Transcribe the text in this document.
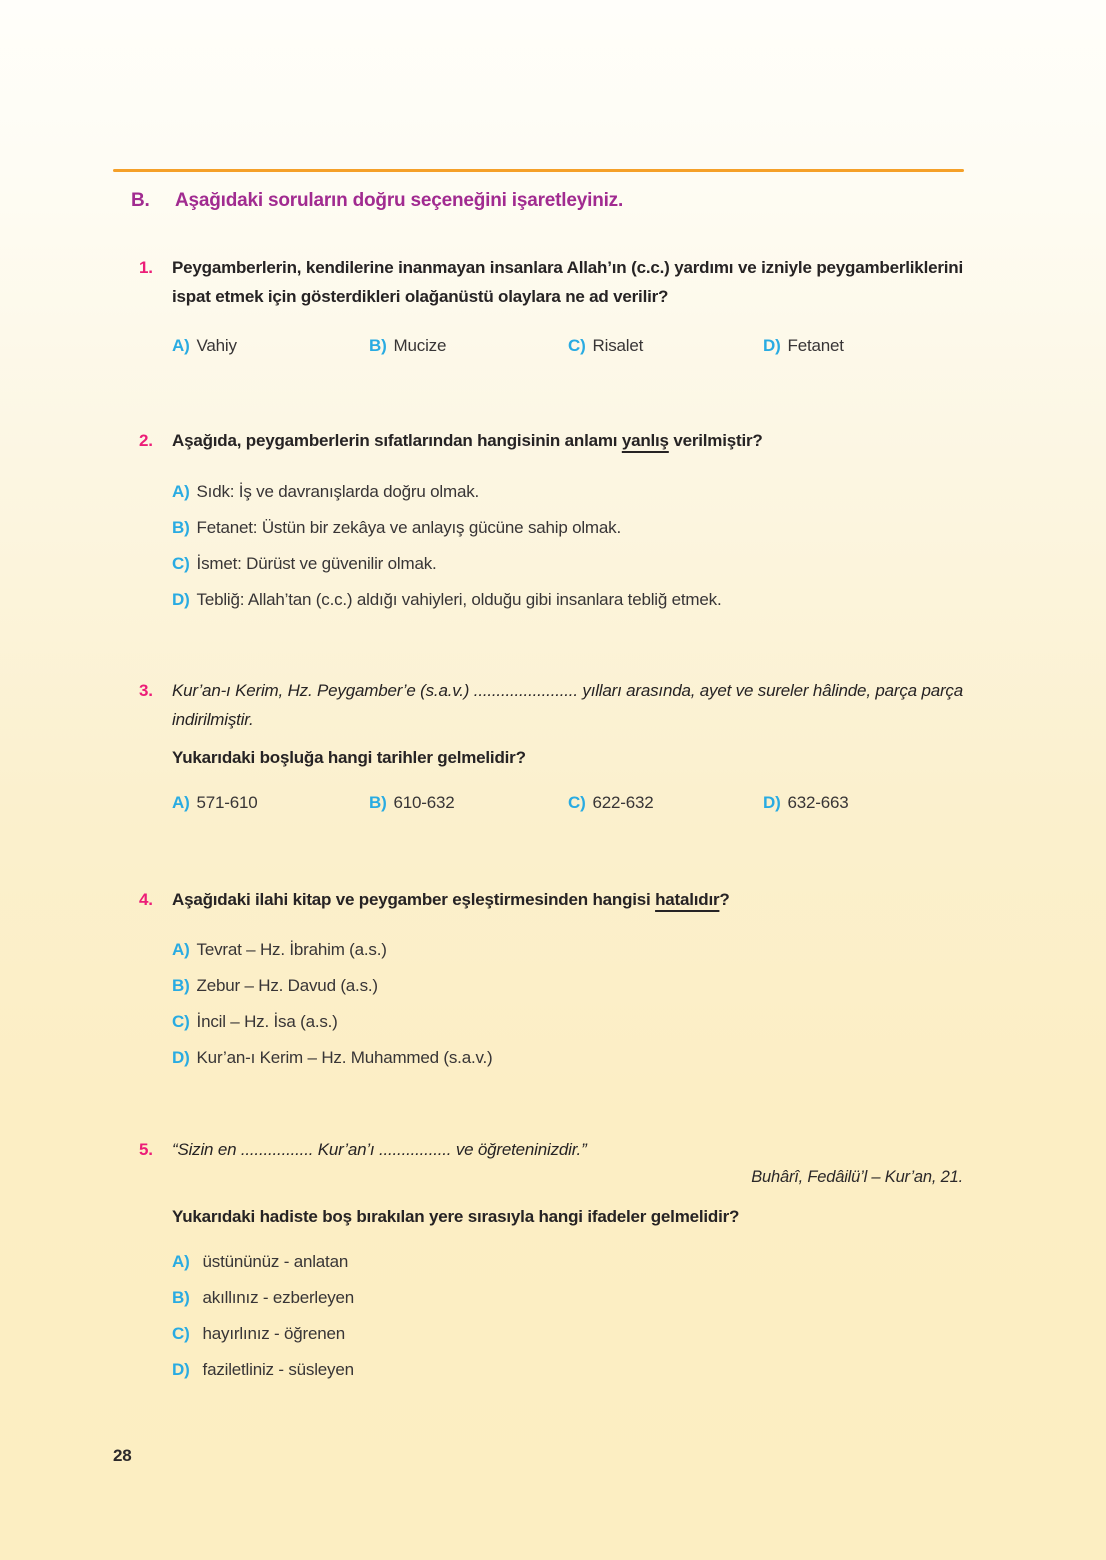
B.	Aşağıdaki soruların doğru seçeneğini işaretleyiniz.
1.	Peygamberlerin, kendilerine inanmayan insanlara Allah’ın (c.c.) yardımı ve izniyle peygamberliklerini ispat etmek için gösterdikleri olağanüstü olaylara ne ad verilir?
A) Vahiy	B) Mucize	C) Risalet	D) Fetanet
2.	Aşağıda, peygamberlerin sıfatlarından hangisinin anlamı yanlış verilmiştir?
A) Sıdk: İş ve davranışlarda doğru olmak.
B) Fetanet: Üstün bir zekâya ve anlayış gücüne sahip olmak.
C) İsmet: Dürüst ve güvenilir olmak.
D) Tebliğ: Allah’tan (c.c.) aldığı vahiyleri, olduğu gibi insanlara tebliğ etmek.
3.	Kur’an-ı Kerim, Hz. Peygamber’e (s.a.v.) ....................... yılları arasında, ayet ve sureler hâlinde, parça parça indirilmiştir.
Yukarıdaki boşluğa hangi tarihler gelmelidir?
A) 571-610	B) 610-632	C) 622-632	D) 632-663
4.	Aşağıdaki ilahi kitap ve peygamber eşleştirmesinden hangisi hatalıdır?
A) Tevrat – Hz. İbrahim (a.s.)
B) Zebur – Hz. Davud (a.s.)
C) İncil – Hz. İsa (a.s.)
D) Kur’an-ı Kerim – Hz. Muhammed (s.a.v.)
5.	“Sizin en ................ Kur’an’ı ................ ve öğreteninizdir.”
Buhârî, Fedâilü’l – Kur’an, 21.
Yukarıdaki hadiste boş bırakılan yere sırasıyla hangi ifadeler gelmelidir?
A) üstününüz - anlatan
B) akıllınız - ezberleyen
C) hayırlınız - öğrenen
D) faziletliniz - süsleyen
28
